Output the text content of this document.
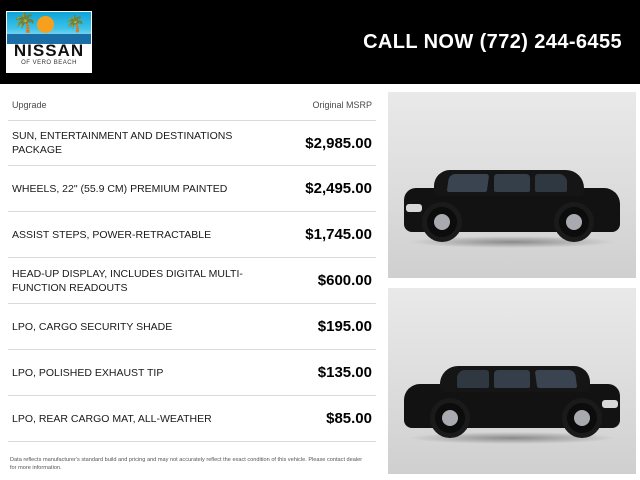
🌴 🌴
NISSAN
OF VERO BEACH
CALL NOW (772) 244-6455
Upgrade	Original MSRP
SUN, ENTERTAINMENT AND DESTINATIONS PACKAGE	$2,985.00
WHEELS, 22" (55.9 CM) PREMIUM PAINTED	$2,495.00
ASSIST STEPS, POWER-RETRACTABLE	$1,745.00
HEAD-UP DISPLAY, INCLUDES DIGITAL MULTI-FUNCTION READOUTS	$600.00
LPO, CARGO SECURITY SHADE	$195.00
LPO, POLISHED EXHAUST TIP	$135.00
LPO, REAR CARGO MAT, ALL-WEATHER	$85.00
Data reflects manufacturer's standard build and pricing and may not accurately reflect the exact condition of this vehicle. Please contact dealer for more information.
